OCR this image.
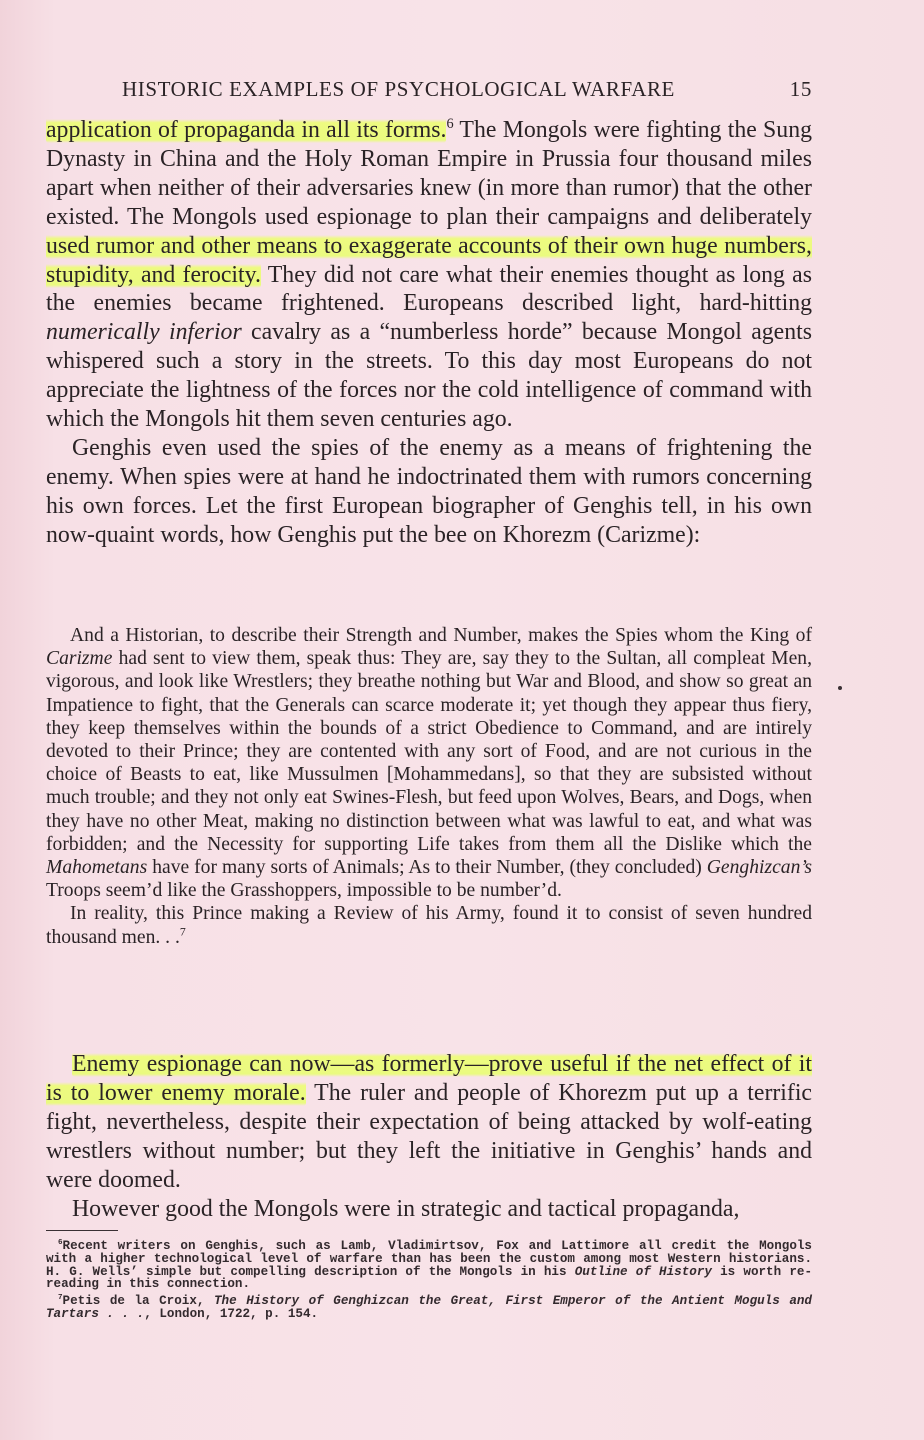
HISTORIC EXAMPLES OF PSYCHOLOGICAL WARFARE	15

application of propaganda in all its forms.$^6$ The Mongols were fighting the Sung Dynasty in China and the Holy Roman Empire in Prussia four thousand miles apart when neither of their adversaries knew (in more than rumor) that the other existed. The Mongols used espionage to plan their campaigns and deliberately used rumor and other means to exaggerate accounts of their own huge numbers, stupidity, and ferocity. They did not care what their enemies thought as long as the enemies became frightened. Europeans described light, hard-hitting numerically inferior cavalry as a “numberless horde” because Mongol agents whispered such a story in the streets. To this day most Europeans do not appreciate the lightness of the forces nor the cold intelligence of command with which the Mongols hit them seven centuries ago.

Genghis even used the spies of the enemy as a means of frightening the enemy. When spies were at hand he indoctrinated them with rumors concerning his own forces. Let the first European biographer of Genghis tell, in his own now-quaint words, how Genghis put the bee on Khorezm (Carizme):

And a Historian, to describe their Strength and Number, makes the Spies whom the King of Carizme had sent to view them, speak thus: They are, say they to the Sultan, all compleat Men, vigorous, and look like Wrestlers; they breathe nothing but War and Blood, and show so great an Impatience to fight, that the Generals can scarce moderate it; yet though they appear thus fiery, they keep themselves within the bounds of a strict Obedience to Command, and are intirely devoted to their Prince; they are contented with any sort of Food, and are not curious in the choice of Beasts to eat, like Mussulmen [Mohammedans], so that they are subsisted without much trouble; and they not only eat Swines-Flesh, but feed upon Wolves, Bears, and Dogs, when they have no other Meat, making no distinction between what was lawful to eat, and what was forbidden; and the Necessity for supporting Life takes from them all the Dislike which the Mahometans have for many sorts of Animals; As to their Number, (they concluded) Genghizcan’s Troops seem’d like the Grasshoppers, impossible to be number’d.

In reality, this Prince making a Review of his Army, found it to consist of seven hundred thousand men. . .$^7$

Enemy espionage can now—as formerly—prove useful if the net effect of it is to lower enemy morale. The ruler and people of Khorezm put up a terrific fight, nevertheless, despite their expectation of being attacked by wolf-eating wrestlers without number; but they left the initiative in Genghis’ hands and were doomed.

However good the Mongols were in strategic and tactical propaganda,

$^6$Recent writers on Genghis, such as Lamb, Vladimirtsov, Fox and Lattimore all credit the Mongols with a higher technological level of warfare than has been the custom among most Western historians. H. G. Wells’ simple but compelling description of the Mongols in his Outline of History is worth re-reading in this connection.

$^7$Petis de la Croix, The History of Genghizcan the Great, First Emperor of the Antient Moguls and Tartars . . ., London, 1722, p. 154.
